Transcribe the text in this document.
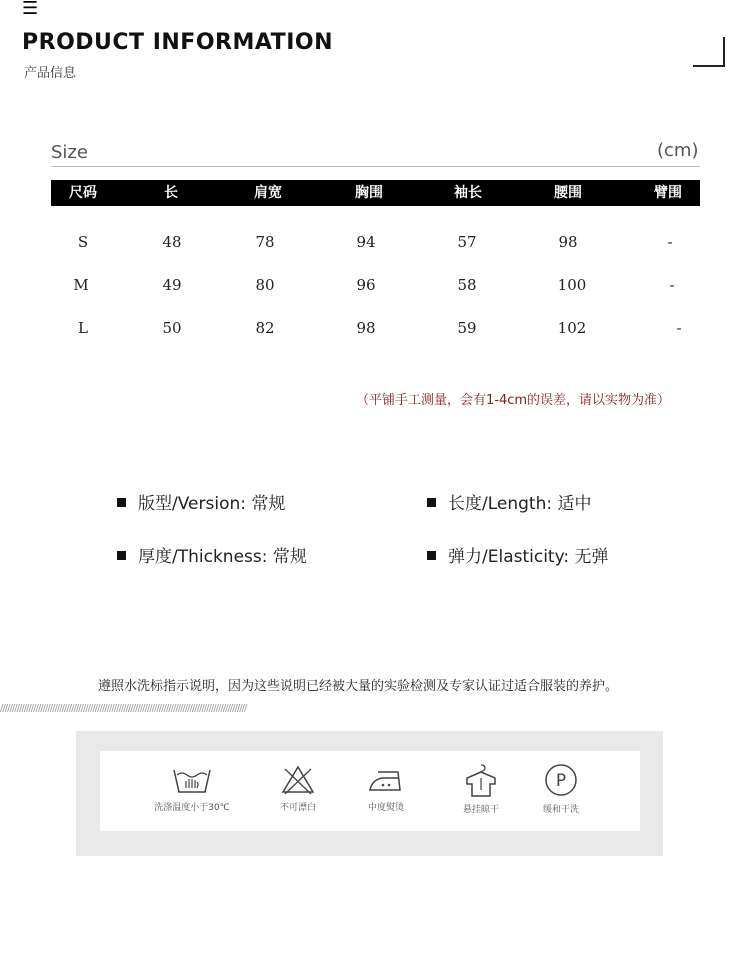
☰
PRODUCT INFORMATION
产品信息
Size	(cm)
尺码	长	肩宽	胸围	袖长	腰围	臂围
S	48	78	94	57	98	-
M	49	80	96	58	100	-
L	50	82	98	59	102	-
（平铺手工测量，会有1-4cm的误差，请以实物为准）
版型/Version: 常规	长度/Length: 适中
厚度/Thickness: 常规	弹力/Elasticity: 无弹
遵照水洗标指示说明，因为这些说明已经被大量的实验检测及专家认证过适合服装的养护。
////////////////////////////////////////////////////////////////////////////////////////////////////////
洗涤温度小于30℃	不可漂白	中度熨烫	悬挂晾干
P
缓和干洗
